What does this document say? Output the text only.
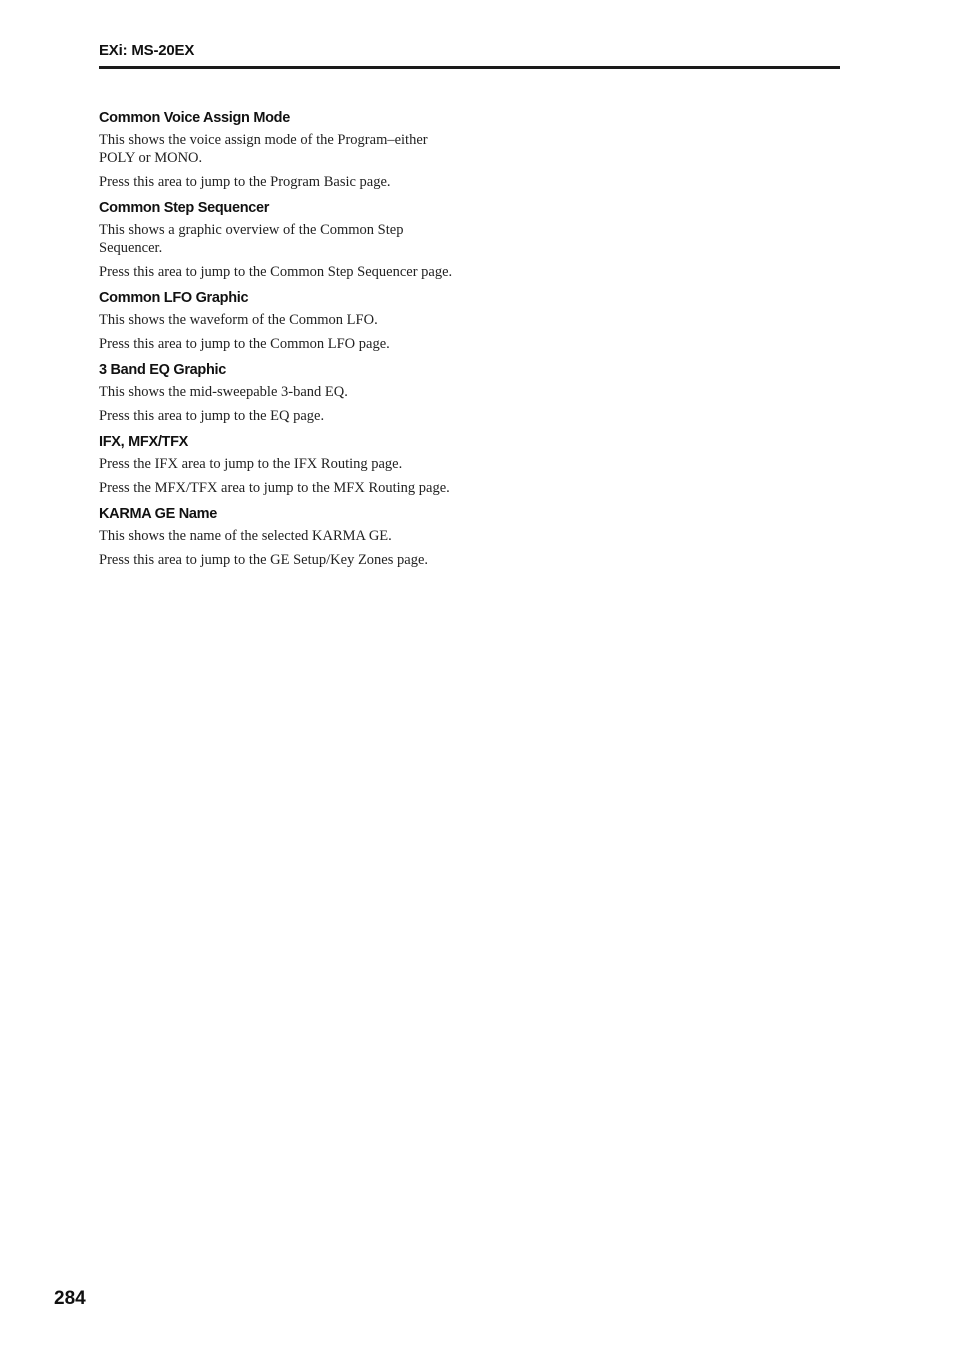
EXi: MS-20EX
Common Voice Assign Mode

This shows the voice assign mode of the Program–either POLY or MONO.

Press this area to jump to the Program Basic page.

Common Step Sequencer

This shows a graphic overview of the Common Step Sequencer.

Press this area to jump to the Common Step Sequencer page.

Common LFO Graphic

This shows the waveform of the Common LFO.

Press this area to jump to the Common LFO page.

3 Band EQ Graphic

This shows the mid-sweepable 3-band EQ.

Press this area to jump to the EQ page.

IFX, MFX/TFX

Press the IFX area to jump to the IFX Routing page.

Press the MFX/TFX area to jump to the MFX Routing page.

KARMA GE Name

This shows the name of the selected KARMA GE.

Press this area to jump to the GE Setup/Key Zones page.

284
